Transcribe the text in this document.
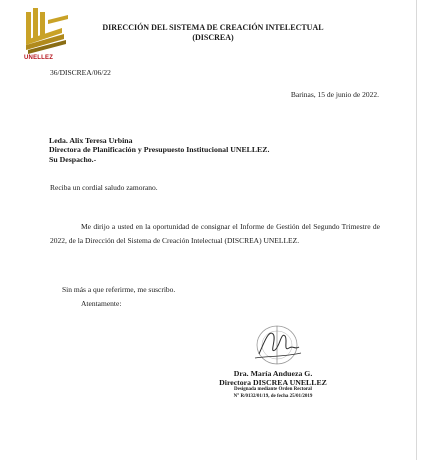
UNELLEZ
DIRECCIÓN DEL SISTEMA DE CREACIÓN INTELECTUAL
(DISCREA)
36/DISCREA/06/22
Barinas, 15 de junio de 2022.
Leda. Alix Teresa Urbina
Directora de Planificación y Presupuesto Institucional UNELLEZ.
Su Despacho.-
Reciba un cordial saludo zamorano.
Me dirijo a usted en la oportunidad de consignar el Informe de Gestión del Segundo Trimestre de 2022, de la Dirección del Sistema de Creación Intelectual (DISCREA) UNELLEZ.
Sin más a que referirme, me suscribo.
Atentamente:
Dra. María Andueza G.
Directora DISCREA UNELLEZ
Designada mediante Orden Rectoral
N° R/0132/01/19, de fecha 25/01/2019
